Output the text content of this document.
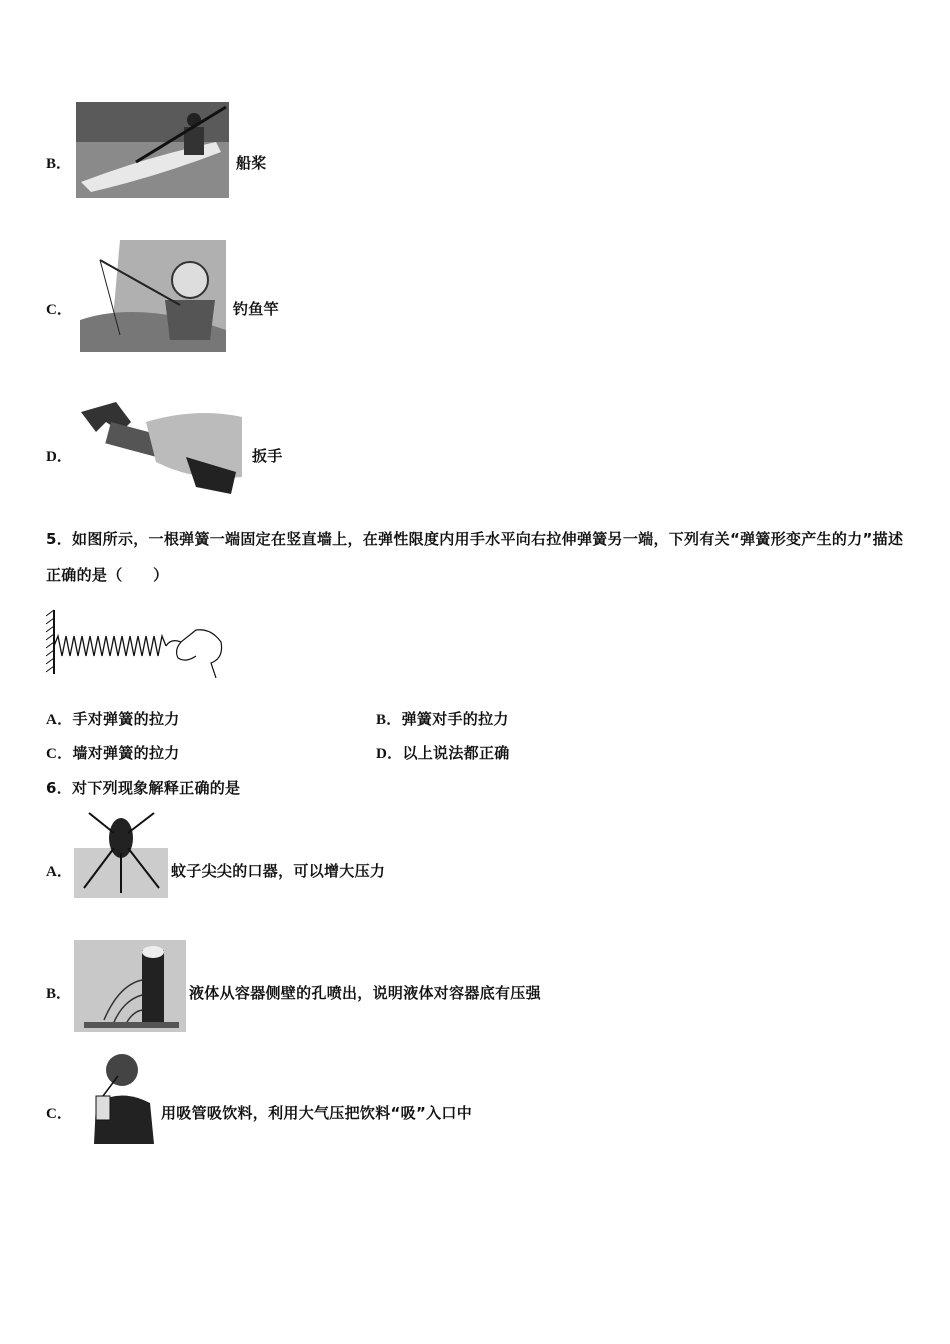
B．	船桨
C．	钓鱼竿
D．	扳手
5．如图所示，一根弹簧一端固定在竖直墙上，在弹性限度内用手水平向右拉伸弹簧另一端，下列有关“弹簧形变产生的力”描述正确的是（　　）
A．手对弹簧的拉力	B．弹簧对手的拉力
C．墙对弹簧的拉力	D．以上说法都正确
6．对下列现象解释正确的是
A．	蚊子尖尖的口器，可以增大压力
B．	液体从容器侧壁的孔喷出，说明液体对容器底有压强
C．	用吸管吸饮料，利用大气压把饮料“吸”入口中
